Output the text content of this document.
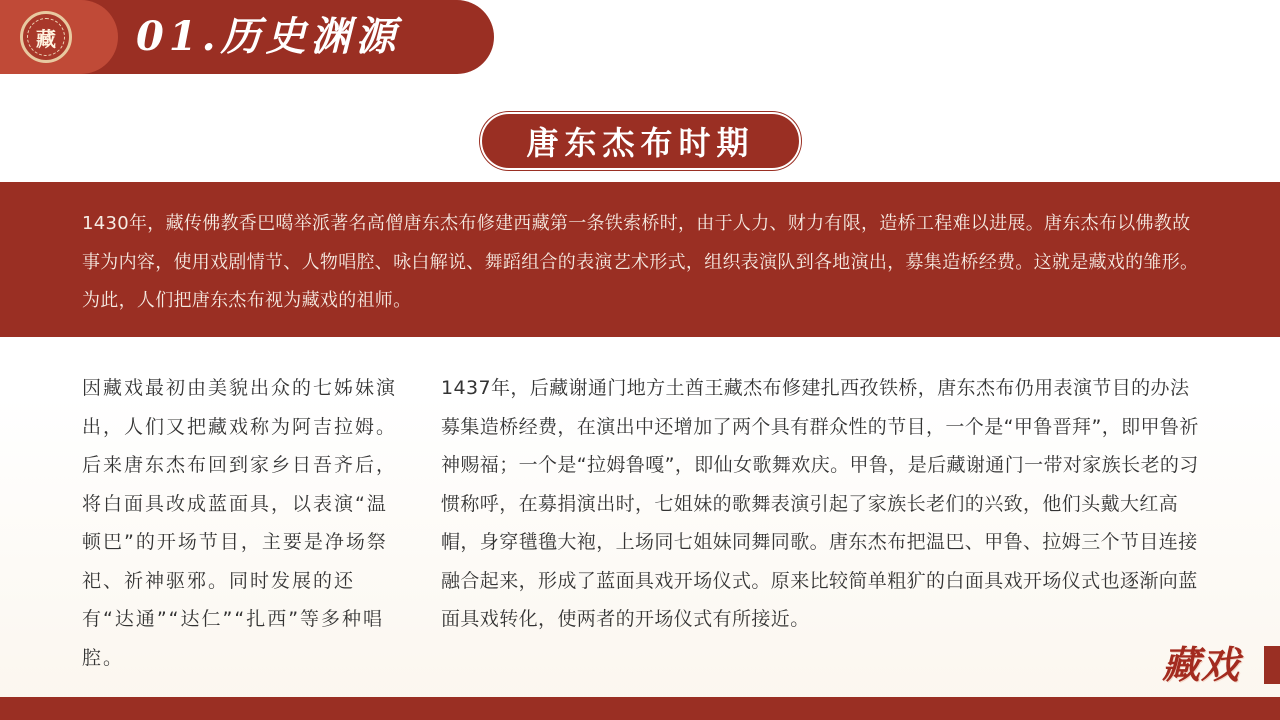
藏 01.历史渊源
唐东杰布时期

1430年，藏传佛教香巴噶举派著名高僧唐东杰布修建西藏第一条铁索桥时，由于人力、财力有限，造桥工程难以进展。唐东杰布以佛教故事为内容，使用戏剧情节、人物唱腔、咏白解说、舞蹈组合的表演艺术形式，组织表演队到各地演出，募集造桥经费。这就是藏戏的雏形。为此，人们把唐东杰布视为藏戏的祖师。

因藏戏最初由美貌出众的七姊妹演出，人们又把藏戏称为阿吉拉姆。后来唐东杰布回到家乡日吾齐后，将白面具改成蓝面具，以表演“温顿巴”的开场节目，主要是净场祭祀、祈神驱邪。同时发展的还有“达通”“达仁”“扎西”等多种唱腔。

1437年，后藏谢通门地方土酋王藏杰布修建扎西孜铁桥，唐东杰布仍用表演节目的办法募集造桥经费，在演出中还增加了两个具有群众性的节目，一个是“甲鲁晋拜”，即甲鲁祈神赐福；一个是“拉姆鲁嘎”，即仙女歌舞欢庆。甲鲁，是后藏谢通门一带对家族长老的习惯称呼，在募捐演出时，七姐妹的歌舞表演引起了家族长老们的兴致，他们头戴大红高帽，身穿氆氇大袍，上场同七姐妹同舞同歌。唐东杰布把温巴、甲鲁、拉姆三个节目连接融合起来，形成了蓝面具戏开场仪式。原来比较简单粗犷的白面具戏开场仪式也逐渐向蓝面具戏转化，使两者的开场仪式有所接近。

藏戏
